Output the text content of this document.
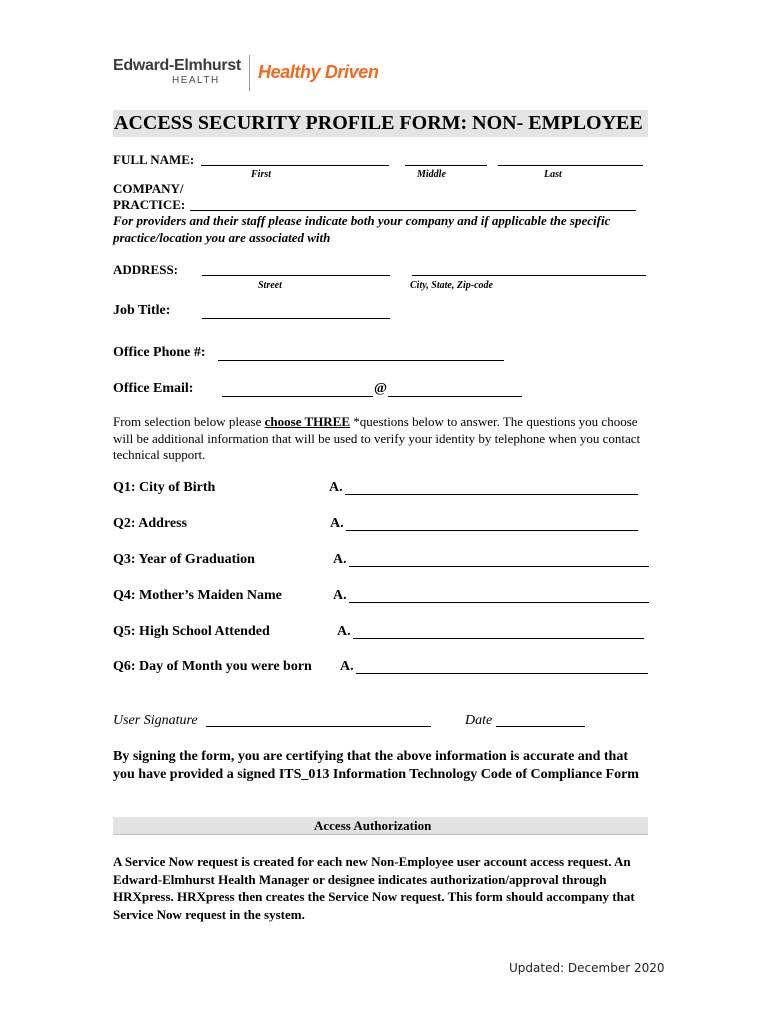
Edward-Elmhurst
HEALTH Healthy Driven
ACCESS SECURITY PROFILE FORM: NON- EMPLOYEE
FULL NAME:
First	Middle	Last
COMPANY/
PRACTICE:
For providers and their staff please indicate both your company and if applicable the specific practice/location you are associated with
ADDRESS:
Street	City, State, Zip-code
Job Title:
Office Phone #:
Office Email:	@
From selection below please choose THREE *questions below to answer. The questions you choose will be additional information that will be used to verify your identity by telephone when you contact technical support.
Q1: City of Birth	A.
Q2: Address	A.
Q3: Year of Graduation	A.
Q4: Mother’s Maiden Name	A.
Q5: High School Attended	A.
Q6: Day of Month you were born A.
User Signature	Date
By signing the form, you are certifying that the above information is accurate and that you have provided a signed ITS_013 Information Technology Code of Compliance Form
Access Authorization
A Service Now request is created for each new Non-Employee user account access request. An Edward-Elmhurst Health Manager or designee indicates authorization/approval through HRXpress. HRXpress then creates the Service Now request. This form should accompany that Service Now request in the system.
Updated: December 2020
